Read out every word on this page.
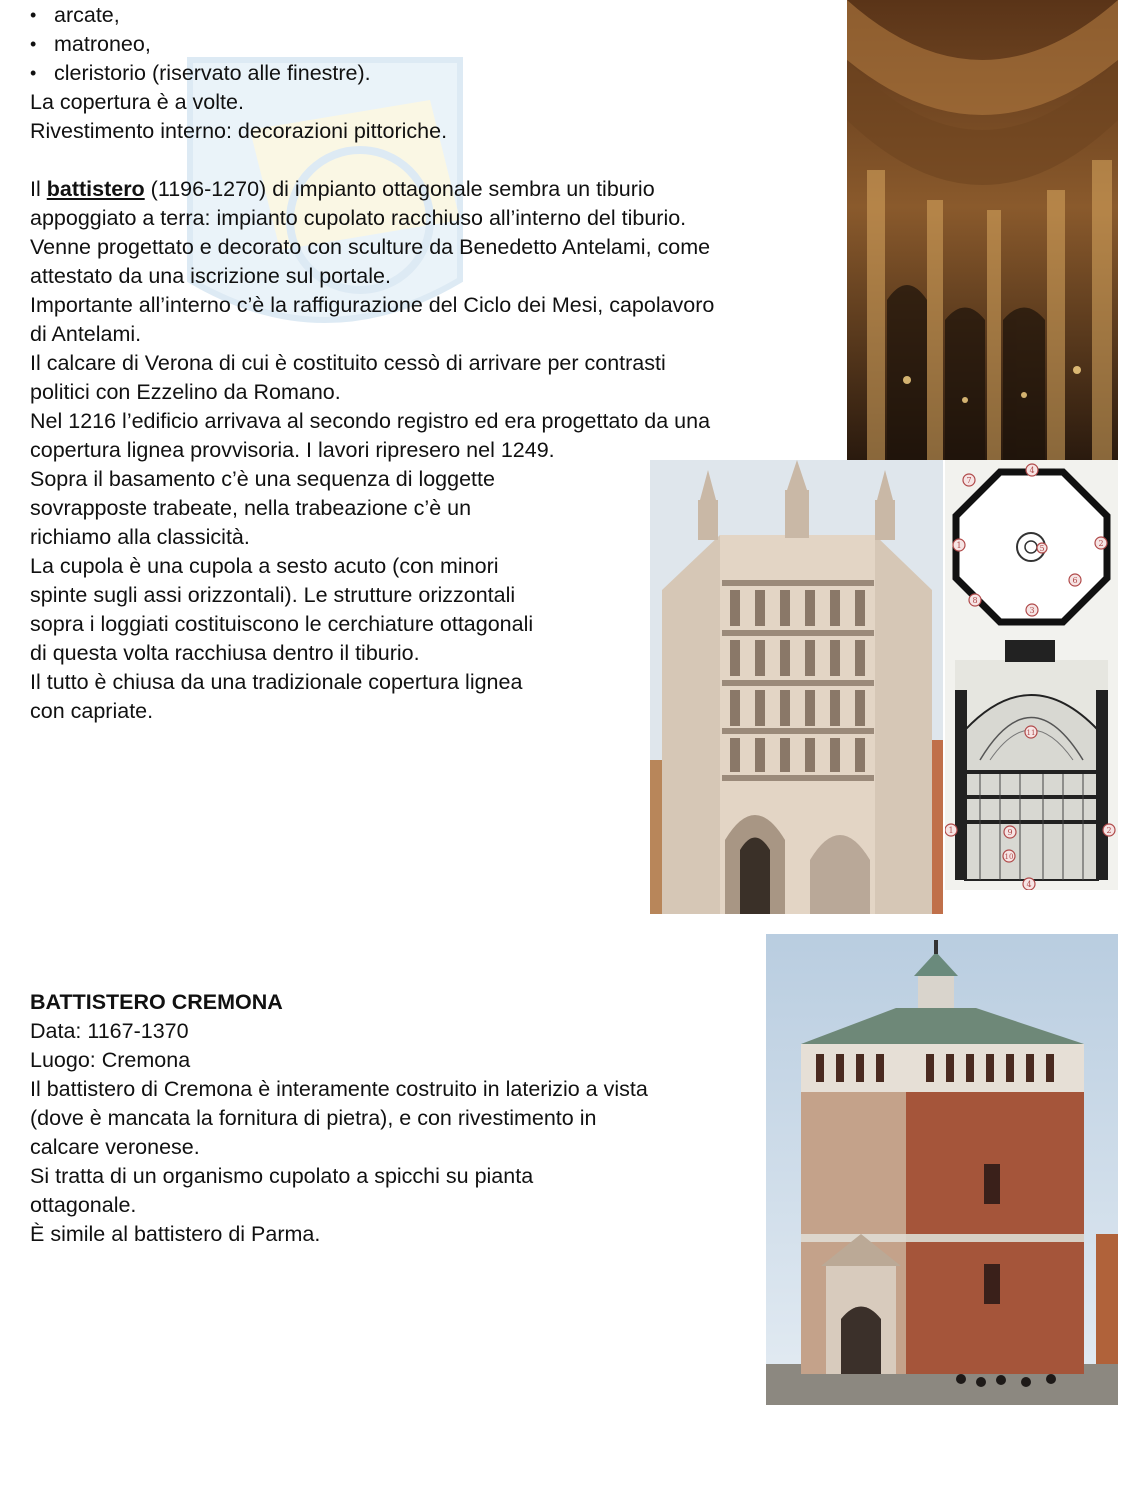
• arcate,
• matroneo,
• cleristorio (riservato alle finestre).

La copertura è a volte.

Rivestimento interno: decorazioni pittoriche.

Il battistero (1196-1270) di impianto ottagonale sembra un tiburio

appoggiato a terra: impianto cupolato racchiuso all’interno del tiburio.

Venne progettato e decorato con sculture da Benedetto Antelami, come

attestato da una iscrizione sul portale.

Importante all’interno c’è la raffigurazione del Ciclo dei Mesi, capolavoro

di Antelami.

Il calcare di Verona di cui è costituito cessò di arrivare per contrasti

politici con Ezzelino da Romano.

Nel 1216 l’edificio arrivava al secondo registro ed era progettato da una

copertura lignea provvisoria. I lavori ripresero nel 1249.

Sopra il basamento c’è una sequenza di loggette

sovrapposte trabeate, nella trabeazione c’è un

richiamo alla classicità.

La cupola è una cupola a sesto acuto (con minori

spinte sugli assi orizzontali). Le strutture orizzontali

sopra i loggiati costituiscono le cerchiature ottagonali

di questa volta racchiusa dentro il tiburio.

Il tutto è chiusa da una tradizionale copertura lignea

con capriate.

BATTISTERO CREMONA

Data: 1167-1370

Luogo: Cremona

Il battistero di Cremona è interamente costruito in laterizio a vista

(dove è mancata la fornitura di pietra), e con rivestimento in

calcare veronese.

Si tratta di un organismo cupolato a spicchi su pianta

ottagonale.

È simile al battistero di Parma.

1	2
3
4
5
6
7
8
1	2
4
9
10
11
